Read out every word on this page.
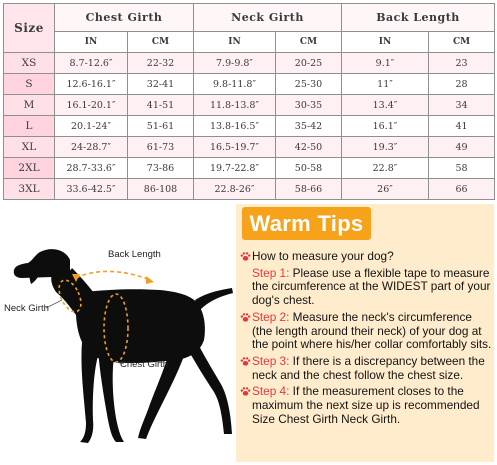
Size	Chest Girth		Neck Girth		Back Length	
	IN	CM	IN	CM	IN	CM
XS	8.7-12.6″	22-32	7.9-9.8″	20-25	9.1″	23
S	12.6-16.1″	32-41	9.8-11.8″	25-30	11″	28
M	16.1-20.1″	41-51	11.8-13.8″	30-35	13.4″	34
L	20.1-24″	51-61	13.8-16.5″	35-42	16.1″	41
XL	24-28.7″	61-73	16.5-19.7″	42-50	19.3″	49
2XL	28.7-33.6″	73-86	19.7-22.8″	50-58	22.8″	58
3XL	33.6-42.5″	86-108	22.8-26″	58-66	26″	66
Back Length
Neck Girth
Chest Girth
Warm Tips
How to measure your dog?
Step 1: Please use a flexible tape to measure the circumference at the WIDEST part of your dog's chest.
Step 2: Measure the neck's circumference (the length around their neck) of your dog at the point where his/her collar comfortably sits.
Step 3: If there is a discrepancy between the neck and the chest follow the chest size.
Step 4: If the measurement closes to the maximum the next size up is recommended Size Chest Girth Neck Girth.
